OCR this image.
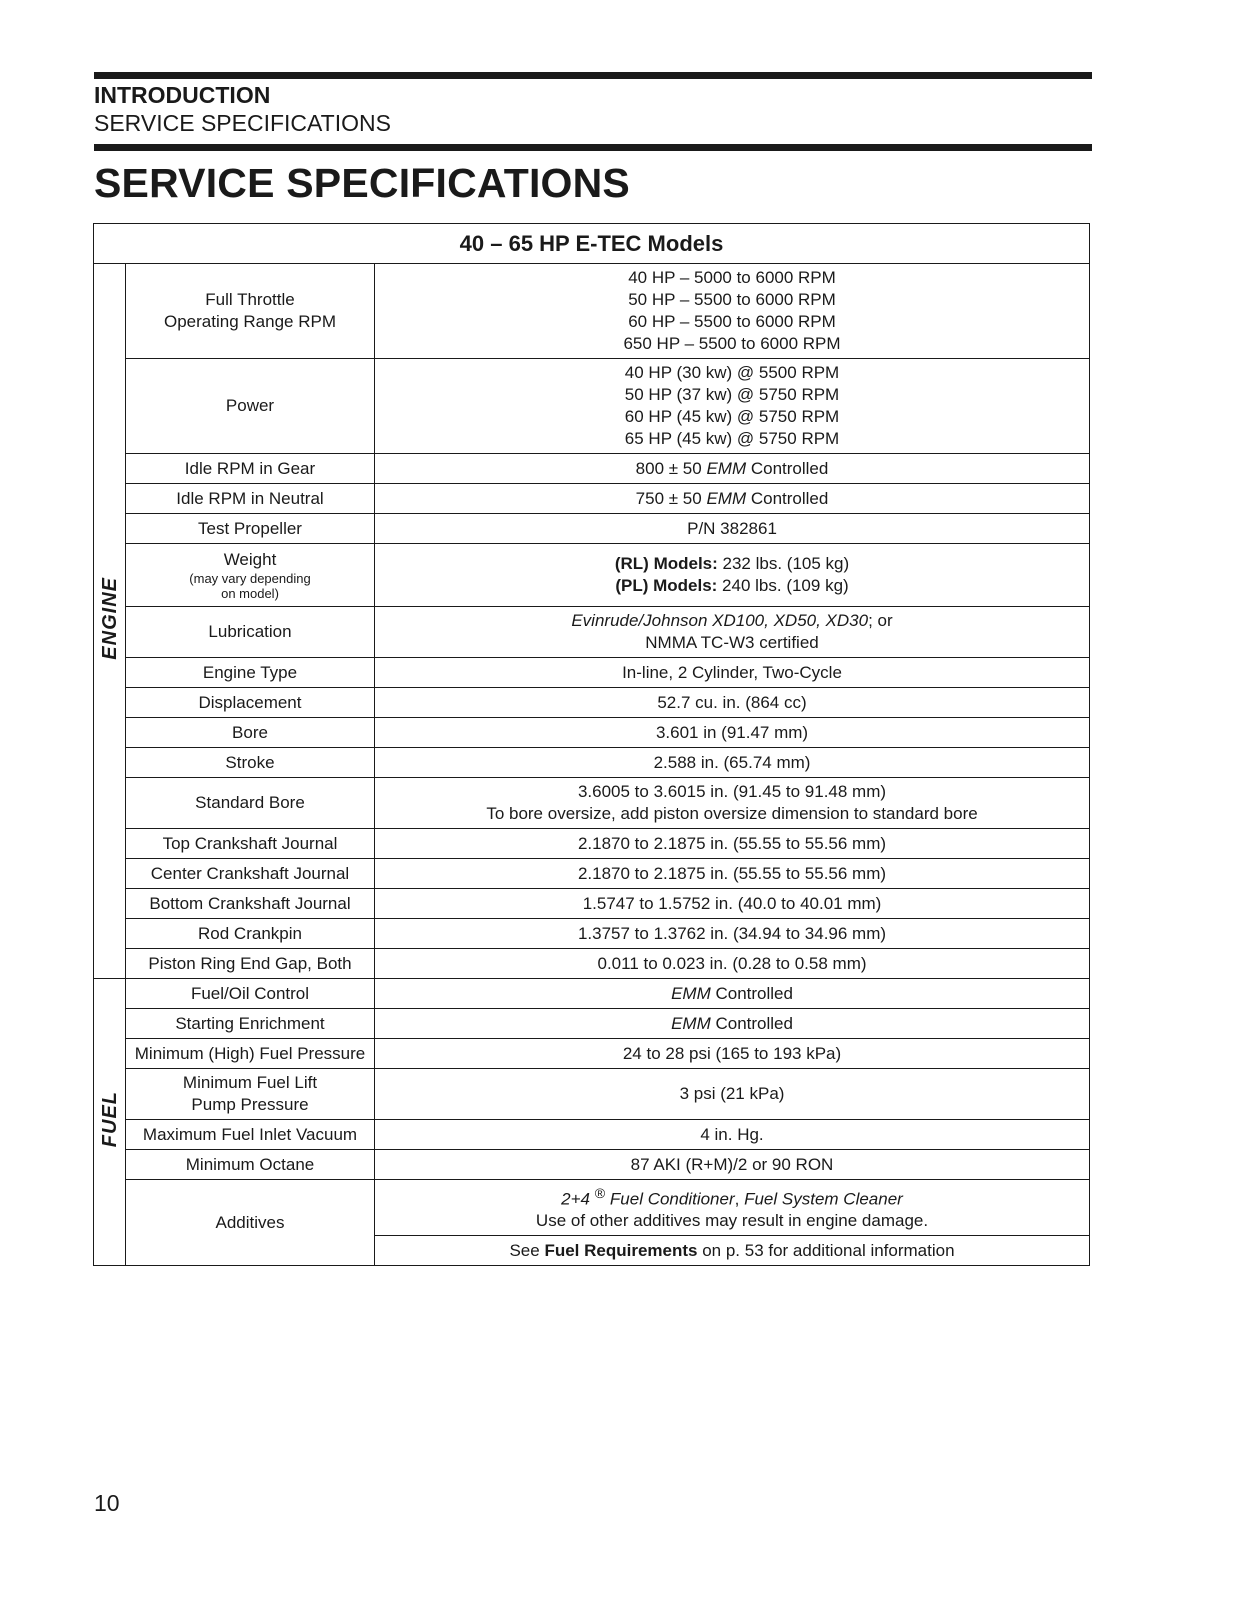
INTRODUCTION
SERVICE SPECIFICATIONS
SERVICE SPECIFICATIONS
40 – 65 HP E-TEC Models		
ENGINE	Full Throttle
Operating Range RPM	40 HP – 5000 to 6000 RPM
50 HP – 5500 to 6000 RPM
60 HP – 5500 to 6000 RPM
650 HP – 5500 to 6000 RPM

	Power	40 HP (30 kw) @ 5500 RPM
50 HP (37 kw) @ 5750 RPM
60 HP (45 kw) @ 5750 RPM
65 HP (45 kw) @ 5750 RPM

	Idle RPM in Gear	800 ± 50 EMM Controlled
	Idle RPM in Neutral	750 ± 50 EMM Controlled
	Test Propeller	P/N 382861

	Weight
(may vary depending
on model)	(RL) Models: 232 lbs. (105 kg)
(PL) Models: 240 lbs. (109 kg)

	Lubrication	Evinrude/Johnson XD100, XD50, XD30; or
NMMA TC-W3 certified

	Engine Type	In-line, 2 Cylinder, Two-Cycle
	Displacement	52.7 cu. in. (864 cc)
	Bore	3.601 in (91.47 mm)
	Stroke	2.588 in. (65.74 mm)
	Standard Bore	3.6005 to 3.6015 in. (91.45 to 91.48 mm)
To bore oversize, add piston oversize dimension to standard bore

	Top Crankshaft Journal	2.1870 to 2.1875 in. (55.55 to 55.56 mm)
	Center Crankshaft Journal	2.1870 to 2.1875 in. (55.55 to 55.56 mm)
	Bottom Crankshaft Journal	1.5747 to 1.5752 in. (40.0 to 40.01 mm)
	Rod Crankpin	1.3757 to 1.3762 in. (34.94 to 34.96 mm)
	Piston Ring End Gap, Both	0.011 to 0.023 in. (0.28 to 0.58 mm)
FUEL	Fuel/Oil Control	EMM Controlled
	Starting Enrichment	EMM Controlled
	Minimum (High) Fuel Pressure	24 to 28 psi (165 to 193 kPa)

	Minimum Fuel Lift
Pump Pressure	3 psi (21 kPa)
	Maximum Fuel Inlet Vacuum	4 in. Hg.
	Minimum Octane	87 AKI (R+M)/2 or 90 RON
	Additives	2+4 ® Fuel Conditioner, Fuel System Cleaner
Use of other additives may result in engine damage.

		See Fuel Requirements on p. 53 for additional information
10
